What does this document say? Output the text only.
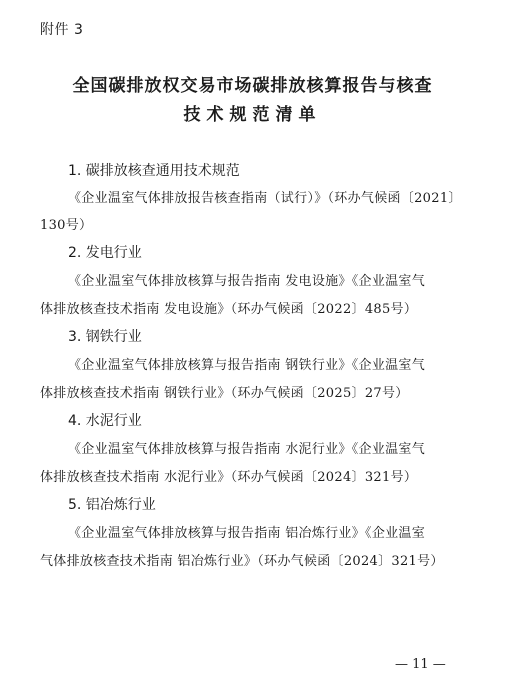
附件 3
全国碳排放权交易市场碳排放核算报告与核查
技术规范清单
1. 碳排放核查通用技术规范
《企业温室气体排放报告核查指南（试行）》（环办气候函〔2021〕
130号）
2. 发电行业
《企业温室气体排放核算与报告指南 发电设施》《企业温室气
体排放核查技术指南 发电设施》（环办气候函〔2022〕485号）
3. 钢铁行业
《企业温室气体排放核算与报告指南 钢铁行业》《企业温室气
体排放核查技术指南 钢铁行业》（环办气候函〔2025〕27号）
4. 水泥行业
《企业温室气体排放核算与报告指南 水泥行业》《企业温室气
体排放核查技术指南 水泥行业》（环办气候函〔2024〕321号）
5. 铝冶炼行业
《企业温室气体排放核算与报告指南 铝冶炼行业》《企业温室
气体排放核查技术指南 铝冶炼行业》（环办气候函〔2024〕321号）
— 11 —
